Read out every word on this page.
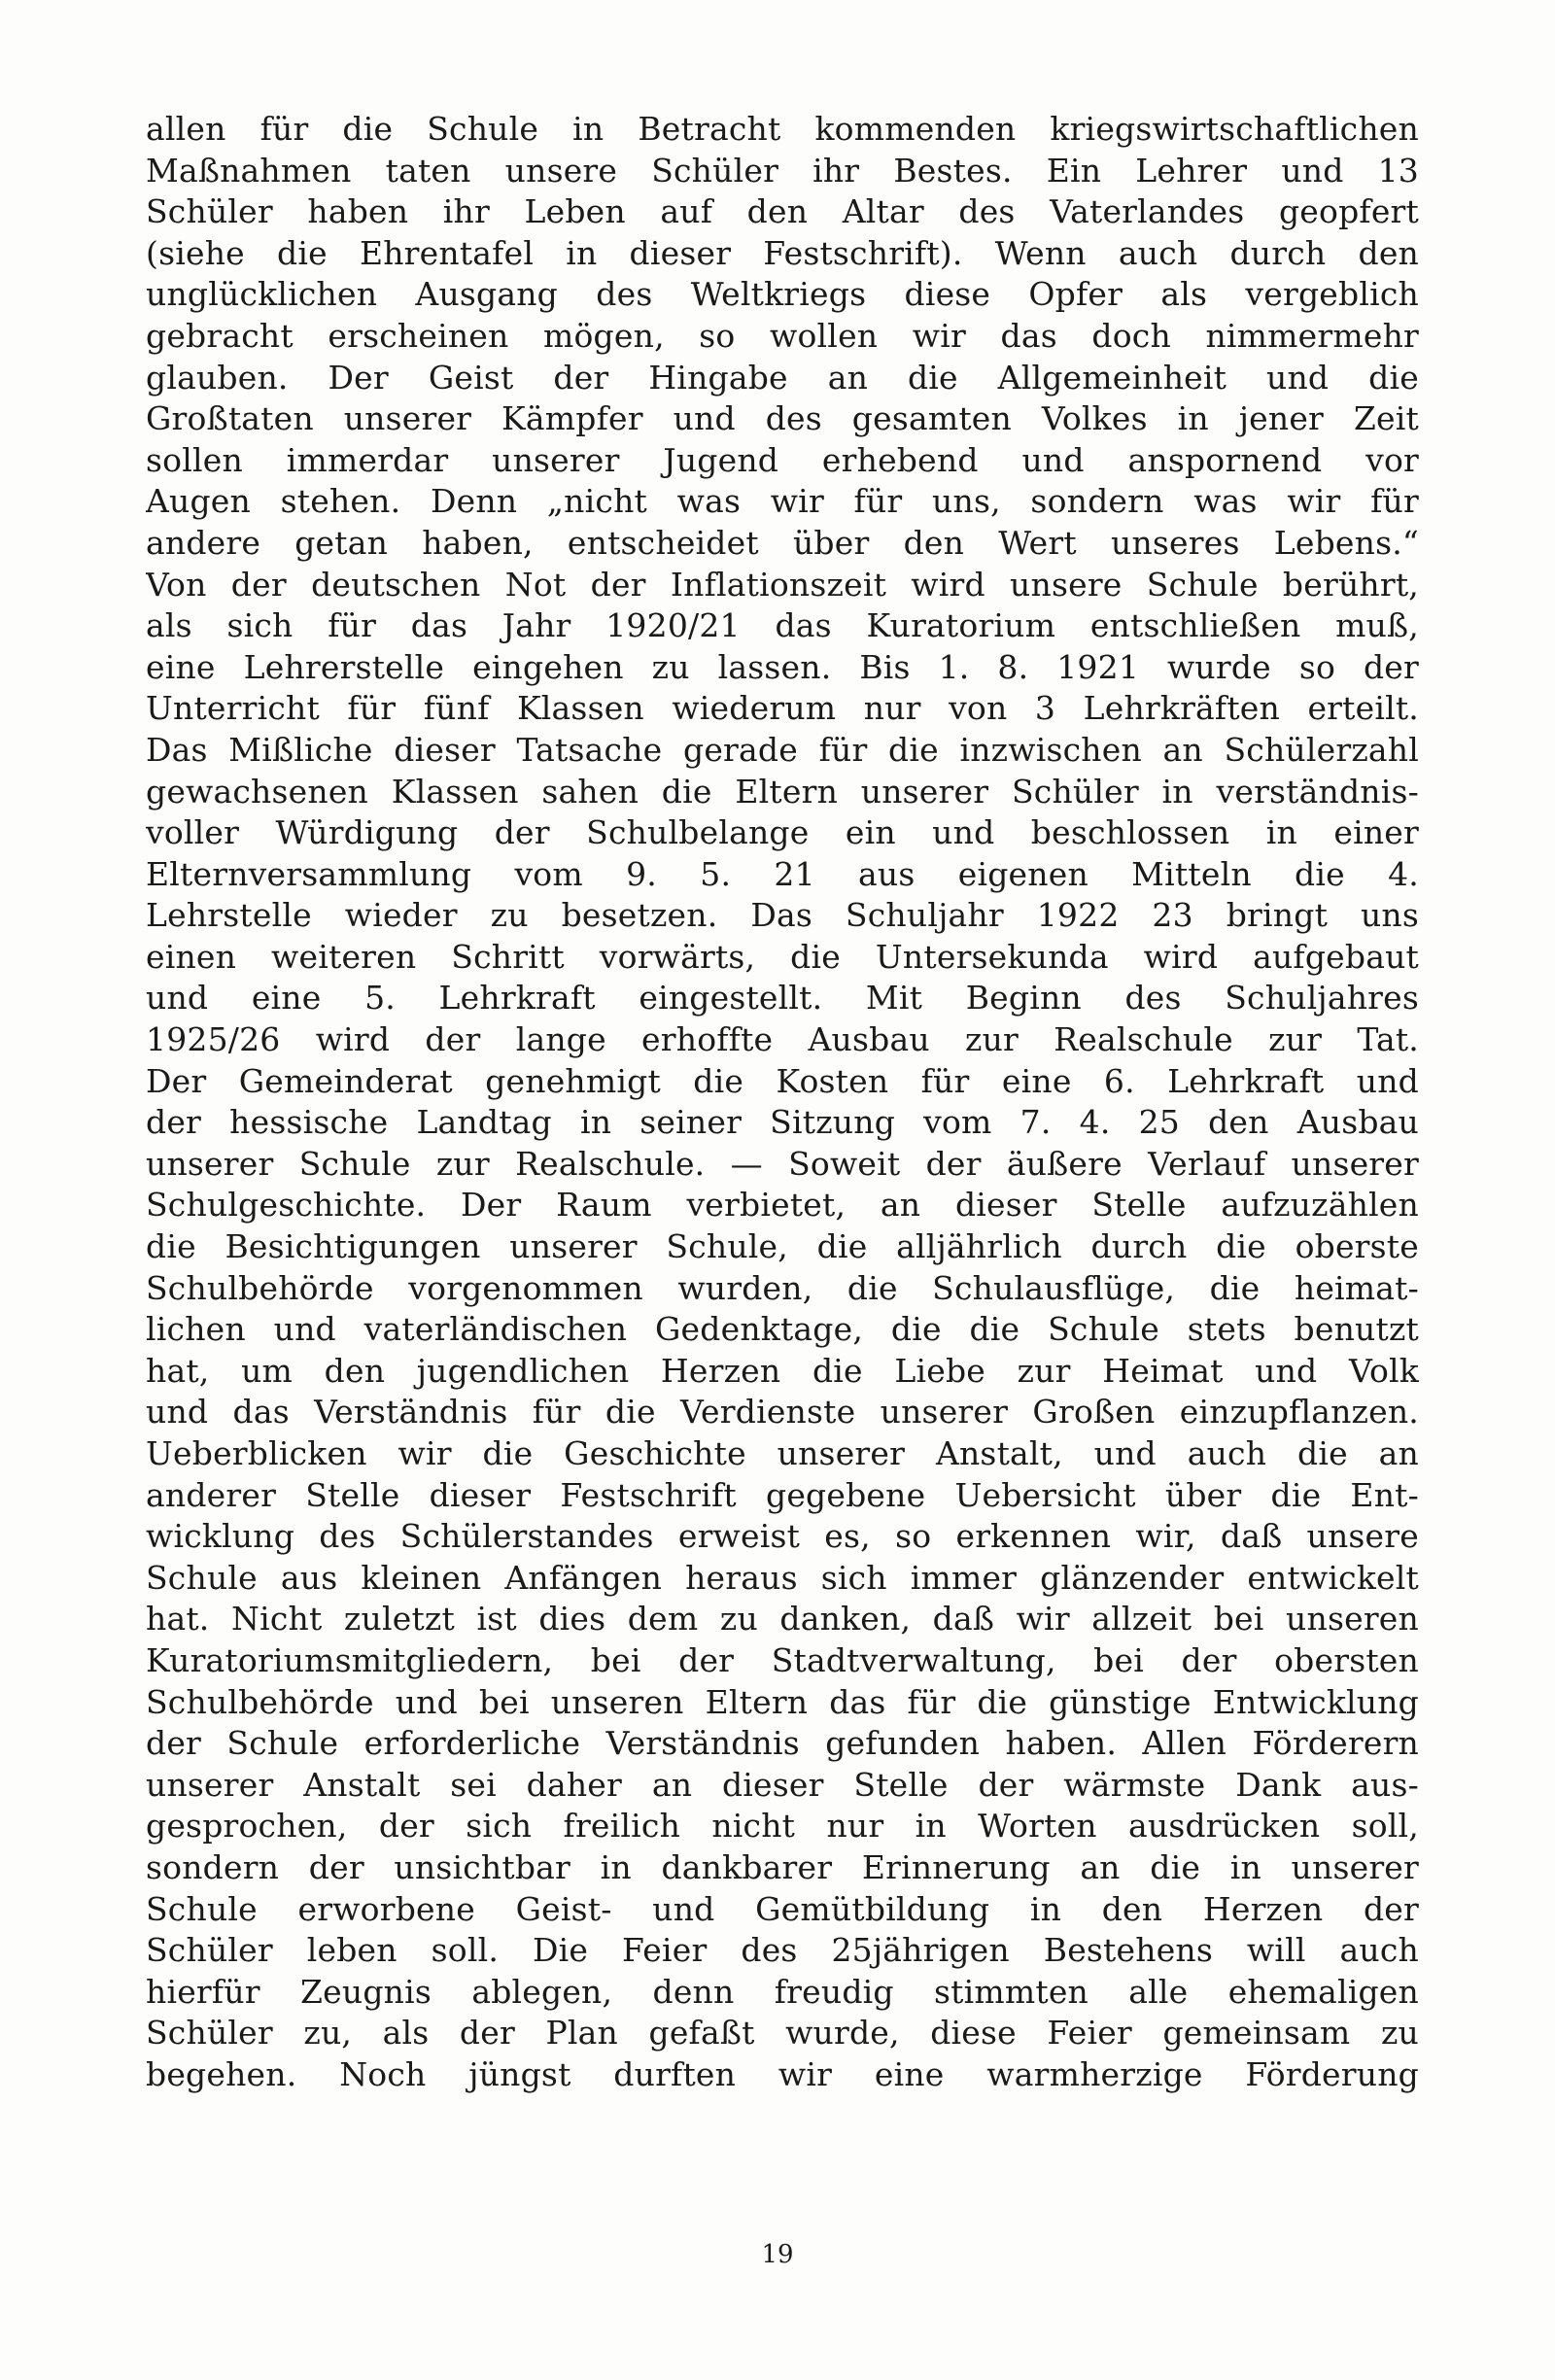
allen für die Schule in Betracht kommenden kriegswirtschaftlichen
Maßnahmen taten unsere Schüler ihr Bestes. Ein Lehrer und 13
Schüler haben ihr Leben auf den Altar des Vaterlandes geopfert
(siehe die Ehrentafel in dieser Festschrift). Wenn auch durch den
unglücklichen Ausgang des Weltkriegs diese Opfer als vergeblich
gebracht erscheinen mögen, so wollen wir das doch nimmermehr
glauben. Der Geist der Hingabe an die Allgemeinheit und die
Großtaten unserer Kämpfer und des gesamten Volkes in jener Zeit
sollen immerdar unserer Jugend erhebend und anspornend vor
Augen stehen. Denn „nicht was wir für uns, sondern was wir für
andere getan haben, entscheidet über den Wert unseres Lebens.“
Von der deutschen Not der Inflationszeit wird unsere Schule berührt,
als sich für das Jahr 1920/21 das Kuratorium entschließen muß,
eine Lehrerstelle eingehen zu lassen. Bis 1. 8. 1921 wurde so der
Unterricht für fünf Klassen wiederum nur von 3 Lehrkräften erteilt.
Das Mißliche dieser Tatsache gerade für die inzwischen an Schülerzahl
gewachsenen Klassen sahen die Eltern unserer Schüler in verständnis-
voller Würdigung der Schulbelange ein und beschlossen in einer
Elternversammlung vom 9. 5. 21 aus eigenen Mitteln die 4.
Lehrstelle wieder zu besetzen. Das Schuljahr 1922 23 bringt uns
einen weiteren Schritt vorwärts, die Untersekunda wird aufgebaut
und eine 5. Lehrkraft eingestellt. Mit Beginn des Schuljahres
1925/26 wird der lange erhoffte Ausbau zur Realschule zur Tat.
Der Gemeinderat genehmigt die Kosten für eine 6. Lehrkraft und
der hessische Landtag in seiner Sitzung vom 7. 4. 25 den Ausbau
unserer Schule zur Realschule. — Soweit der äußere Verlauf unserer
Schulgeschichte. Der Raum verbietet, an dieser Stelle aufzuzählen
die Besichtigungen unserer Schule, die alljährlich durch die oberste
Schulbehörde vorgenommen wurden, die Schulausflüge, die heimat-
lichen und vaterländischen Gedenktage, die die Schule stets benutzt
hat, um den jugendlichen Herzen die Liebe zur Heimat und Volk
und das Verständnis für die Verdienste unserer Großen einzupflanzen.
Ueberblicken wir die Geschichte unserer Anstalt, und auch die an
anderer Stelle dieser Festschrift gegebene Uebersicht über die Ent-
wicklung des Schülerstandes erweist es, so erkennen wir, daß unsere
Schule aus kleinen Anfängen heraus sich immer glänzender entwickelt
hat. Nicht zuletzt ist dies dem zu danken, daß wir allzeit bei unseren
Kuratoriumsmitgliedern, bei der Stadtverwaltung, bei der obersten
Schulbehörde und bei unseren Eltern das für die günstige Entwicklung
der Schule erforderliche Verständnis gefunden haben. Allen Förderern
unserer Anstalt sei daher an dieser Stelle der wärmste Dank aus-
gesprochen, der sich freilich nicht nur in Worten ausdrücken soll,
sondern der unsichtbar in dankbarer Erinnerung an die in unserer
Schule erworbene Geist- und Gemütbildung in den Herzen der
Schüler leben soll. Die Feier des 25jährigen Bestehens will auch
hierfür Zeugnis ablegen, denn freudig stimmten alle ehemaligen
Schüler zu, als der Plan gefaßt wurde, diese Feier gemeinsam zu
begehen. Noch jüngst durften wir eine warmherzige Förderung
19
